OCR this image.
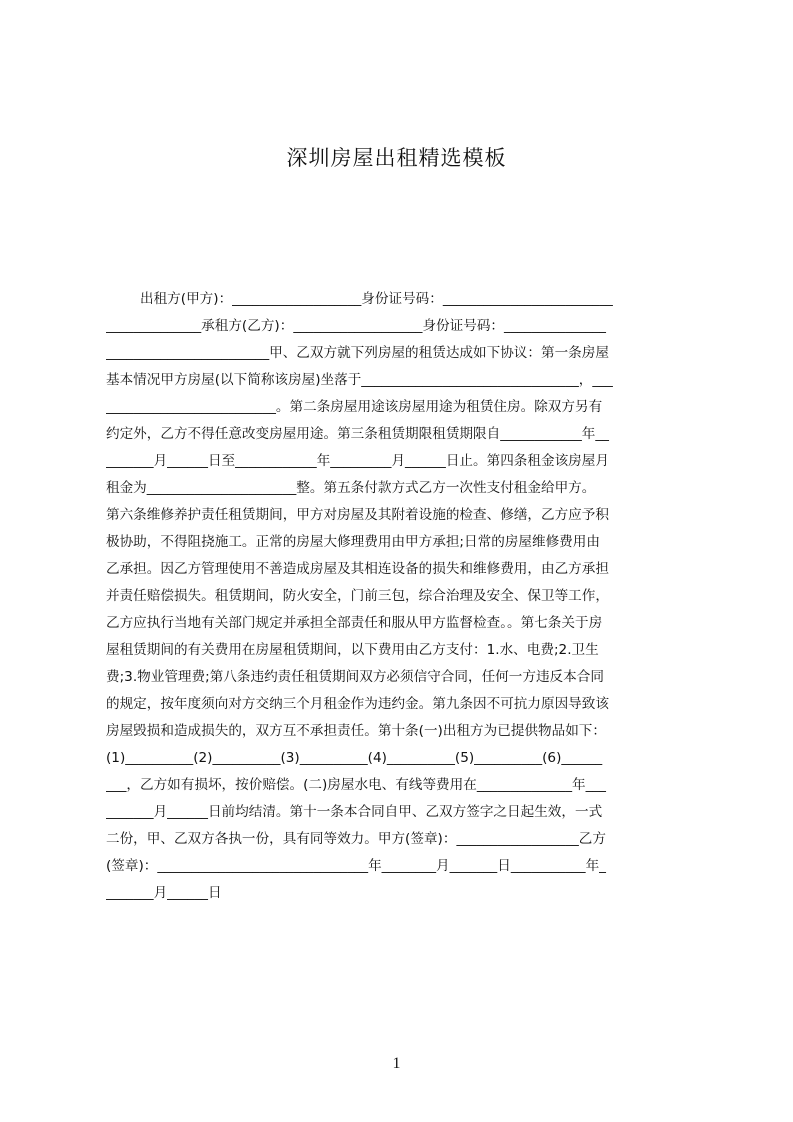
深圳房屋出租精选模板
出租方(甲方)：___________________身份证号码：_________________________
______________承租方(乙方)：___________________身份证号码：_______________
________________________甲、乙双方就下列房屋的租赁达成如下协议：第一条房屋
基本情况甲方房屋(以下简称该房屋)坐落于________________________________，___
_________________________。第二条房屋用途该房屋用途为租赁住房。除双方另有
约定外，乙方不得任意改变房屋用途。第三条租赁期限租赁期限自____________年__
_______月______日至____________年_________月______日止。第四条租金该房屋月
租金为______________________整。第五条付款方式乙方一次性支付租金给甲方。
第六条维修养护责任租赁期间，甲方对房屋及其附着设施的检查、修缮，乙方应予积
极协助，不得阻挠施工。正常的房屋大修理费用由甲方承担;日常的房屋维修费用由
乙承担。因乙方管理使用不善造成房屋及其相连设备的损失和维修费用，由乙方承担
并责任赔偿损失。租赁期间，防火安全，门前三包，综合治理及安全、保卫等工作，
乙方应执行当地有关部门规定并承担全部责任和服从甲方监督检查。。第七条关于房
屋租赁期间的有关费用在房屋租赁期间，以下费用由乙方支付：1.水、电费;2.卫生
费;3.物业管理费;第八条违约责任租赁期间双方必须信守合同，任何一方违反本合同
的规定，按年度须向对方交纳三个月租金作为违约金。第九条因不可抗力原因导致该
房屋毁损和造成损失的，双方互不承担责任。第十条(一)出租方为已提供物品如下：
(1)__________(2)__________(3)__________(4)__________(5)__________(6)______
___，乙方如有损坏，按价赔偿。(二)房屋水电、有线等费用在______________年___
_______月______日前均结清。第十一条本合同自甲、乙双方签字之日起生效，一式
二份，甲、乙双方各执一份，具有同等效力。甲方(签章)：__________________乙方
(签章)：_______________________________年________月_______日___________年_
_______月______日
1
